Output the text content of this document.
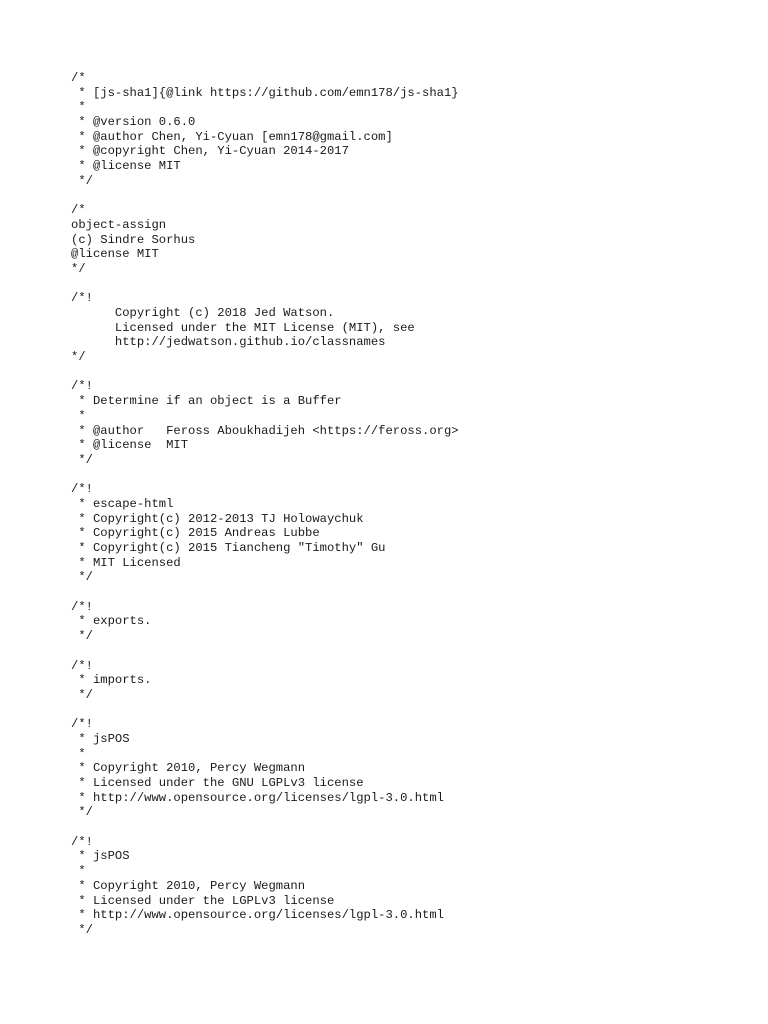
/*
* [js-sha1]{@link https://github.com/emn178/js-sha1}
*
* @version 0.6.0
* @author Chen, Yi-Cyuan [emn178@gmail.com]
* @copyright Chen, Yi-Cyuan 2014-2017
* @license MIT
*/

/*
object-assign
(c) Sindre Sorhus
@license MIT
*/

/*!
Copyright (c) 2018 Jed Watson.
Licensed under the MIT License (MIT), see
http://jedwatson.github.io/classnames
*/

/*!
* Determine if an object is a Buffer
*
* @author   Feross Aboukhadijeh <https://feross.org>
* @license  MIT
*/

/*!
* escape-html
* Copyright(c) 2012-2013 TJ Holowaychuk
* Copyright(c) 2015 Andreas Lubbe
* Copyright(c) 2015 Tiancheng "Timothy" Gu
* MIT Licensed
*/

/*!
* exports.
*/

/*!
* imports.
*/

/*!
* jsPOS
*
* Copyright 2010, Percy Wegmann
* Licensed under the GNU LGPLv3 license
* http://www.opensource.org/licenses/lgpl-3.0.html
*/

/*!
* jsPOS
*
* Copyright 2010, Percy Wegmann
* Licensed under the LGPLv3 license
* http://www.opensource.org/licenses/lgpl-3.0.html
*/
